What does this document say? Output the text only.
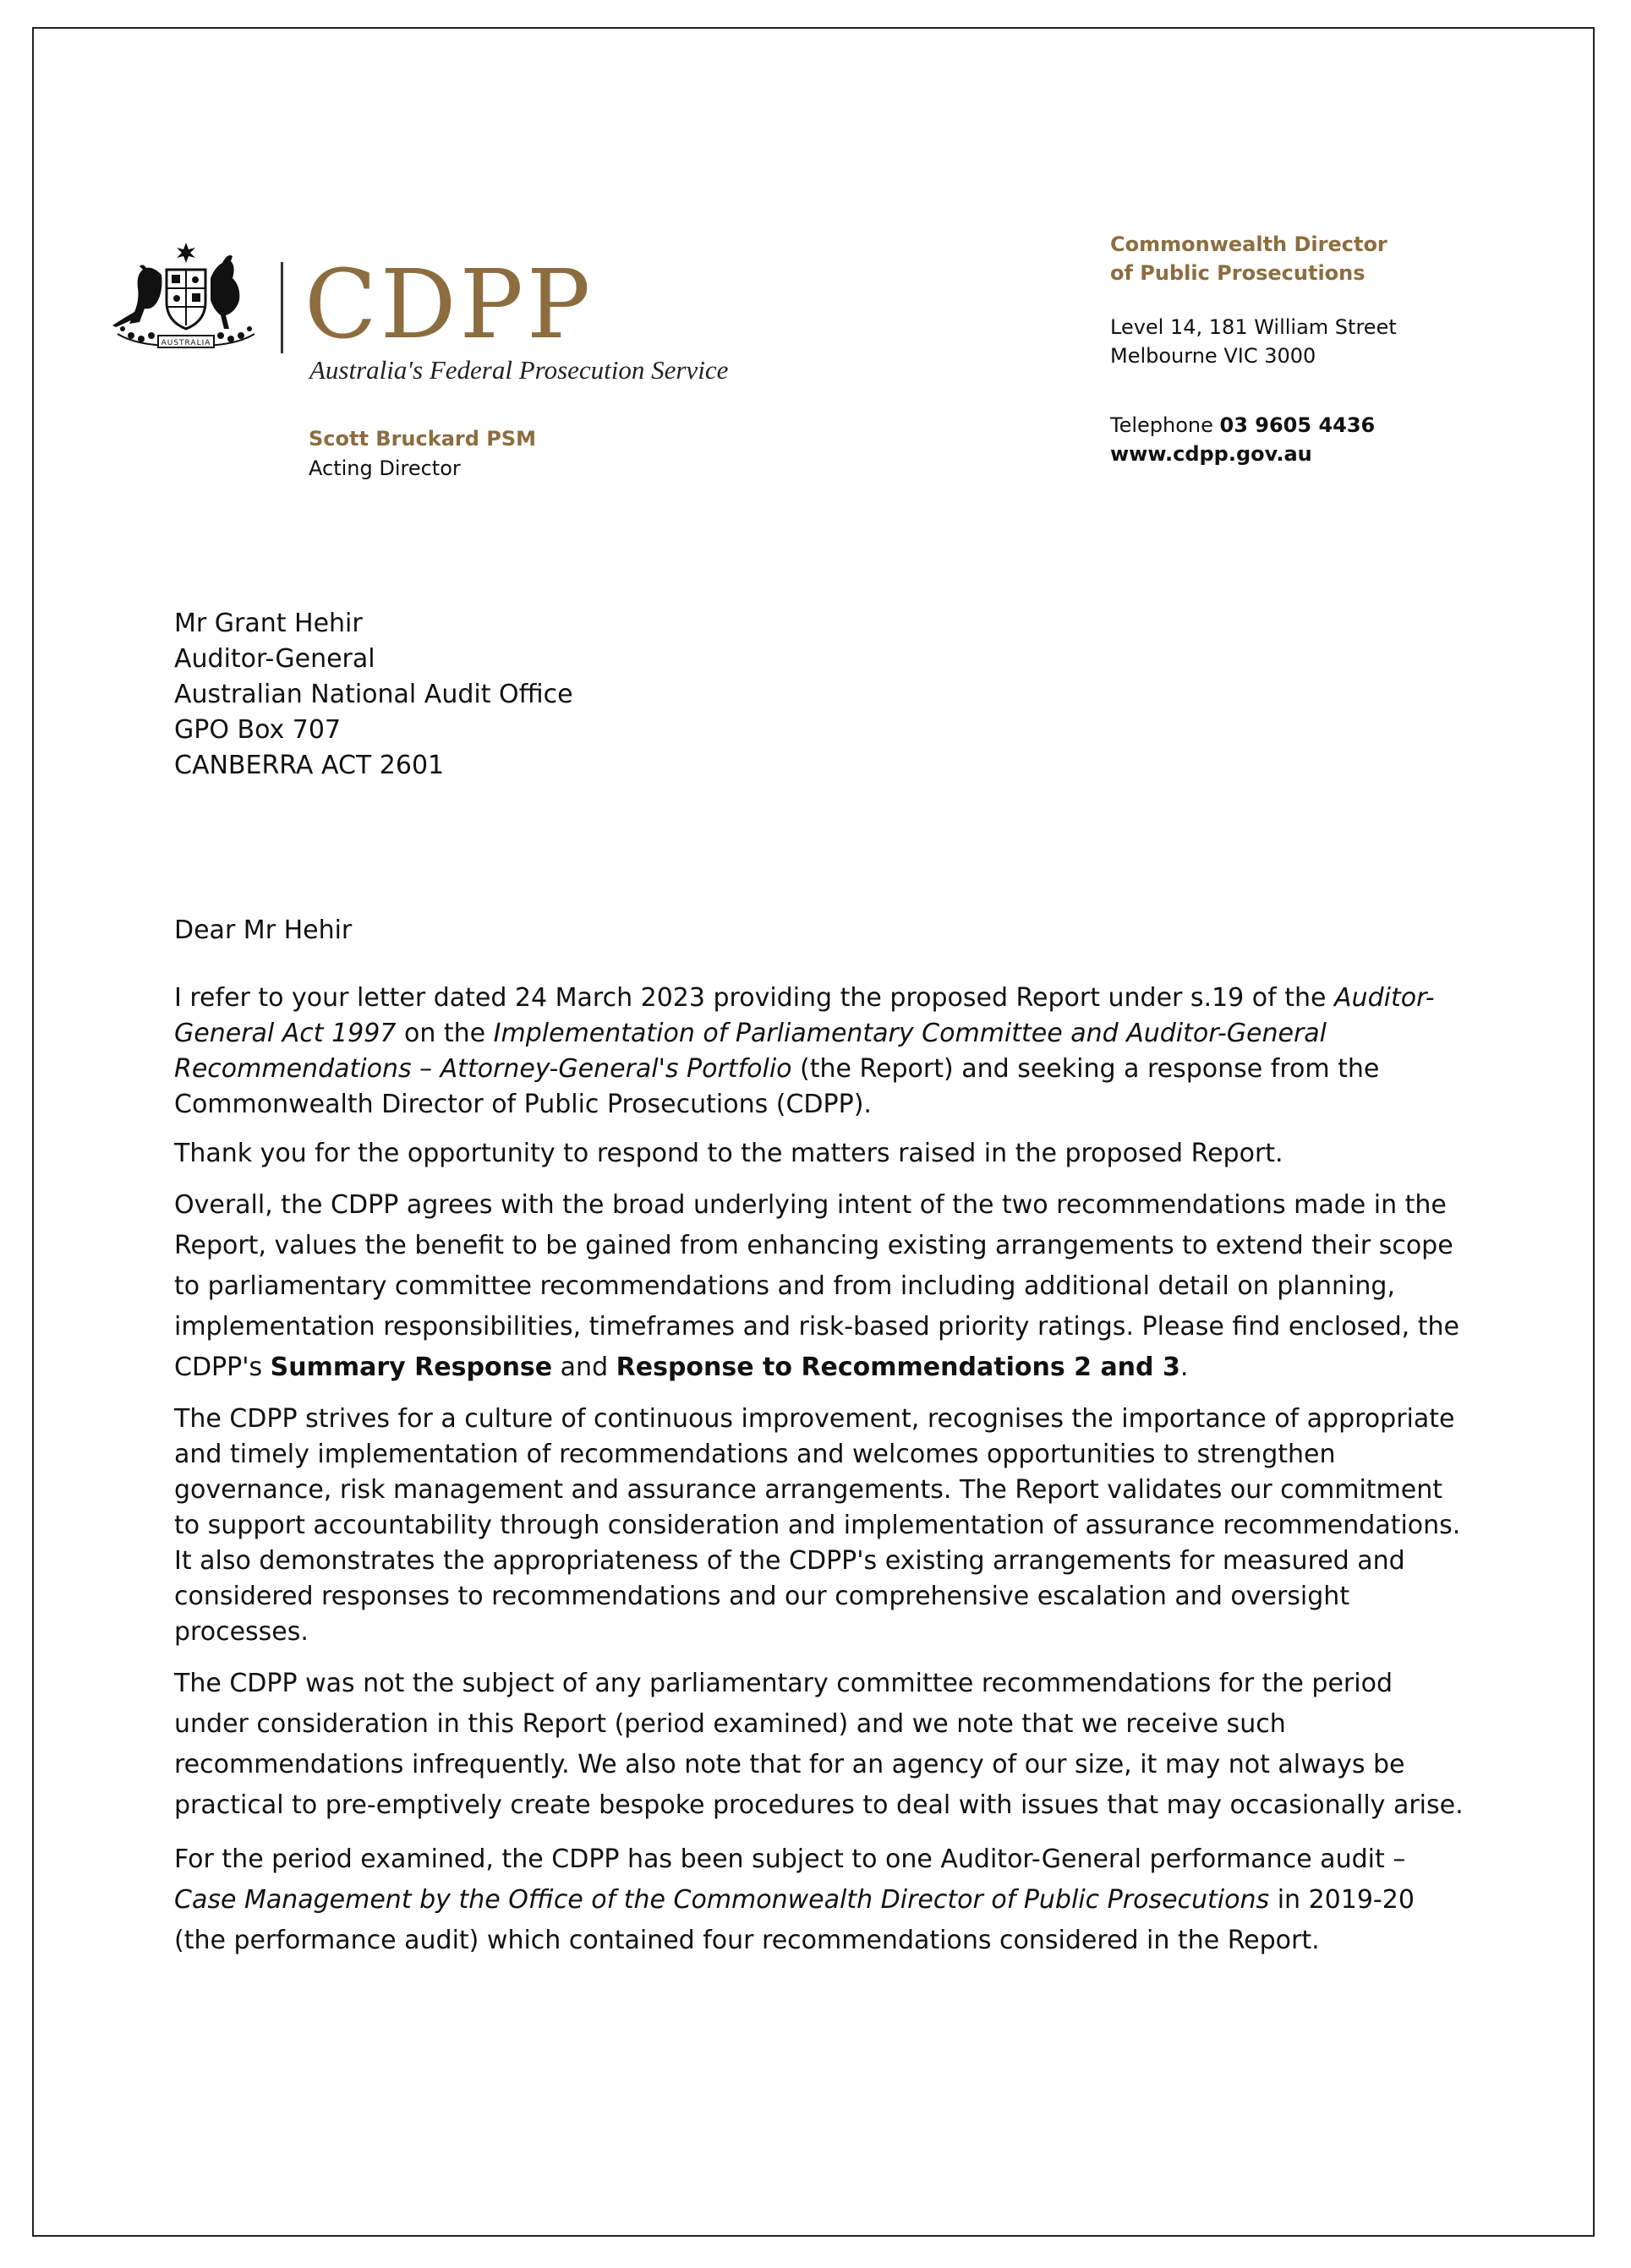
AUSTRALIA CDPP
Australia's Federal Prosecution Service
Scott Bruckard PSM
Acting Director
Commonwealth Director
of Public Prosecutions
Level 14, 181 William Street
Melbourne VIC 3000
Telephone 03 9605 4436
www.cdpp.gov.au
Mr Grant Hehir
Auditor-General
Australian National Audit Office
GPO Box 707
CANBERRA ACT 2601

Dear Mr Hehir

I refer to your letter dated 24 March 2023 providing the proposed Report under s.19 of the Auditor-General Act 1997 on the Implementation of Parliamentary Committee and Auditor-General Recommendations – Attorney-General's Portfolio (the Report) and seeking a response from the Commonwealth Director of Public Prosecutions (CDPP).

Thank you for the opportunity to respond to the matters raised in the proposed Report.

Overall, the CDPP agrees with the broad underlying intent of the two recommendations made in the Report, values the benefit to be gained from enhancing existing arrangements to extend their scope to parliamentary committee recommendations and from including additional detail on planning, implementation responsibilities, timeframes and risk-based priority ratings. Please find enclosed, the CDPP's Summary Response and Response to Recommendations 2 and 3.

The CDPP strives for a culture of continuous improvement, recognises the importance of appropriate and timely implementation of recommendations and welcomes opportunities to strengthen governance, risk management and assurance arrangements. The Report validates our commitment to support accountability through consideration and implementation of assurance recommendations. It also demonstrates the appropriateness of the CDPP's existing arrangements for measured and considered responses to recommendations and our comprehensive escalation and oversight processes.

The CDPP was not the subject of any parliamentary committee recommendations for the period under consideration in this Report (period examined) and we note that we receive such recommendations infrequently. We also note that for an agency of our size, it may not always be practical to pre-emptively create bespoke procedures to deal with issues that may occasionally arise.

For the period examined, the CDPP has been subject to one Auditor-General performance audit – Case Management by the Office of the Commonwealth Director of Public Prosecutions in 2019-20 (the performance audit) which contained four recommendations considered in the Report.
